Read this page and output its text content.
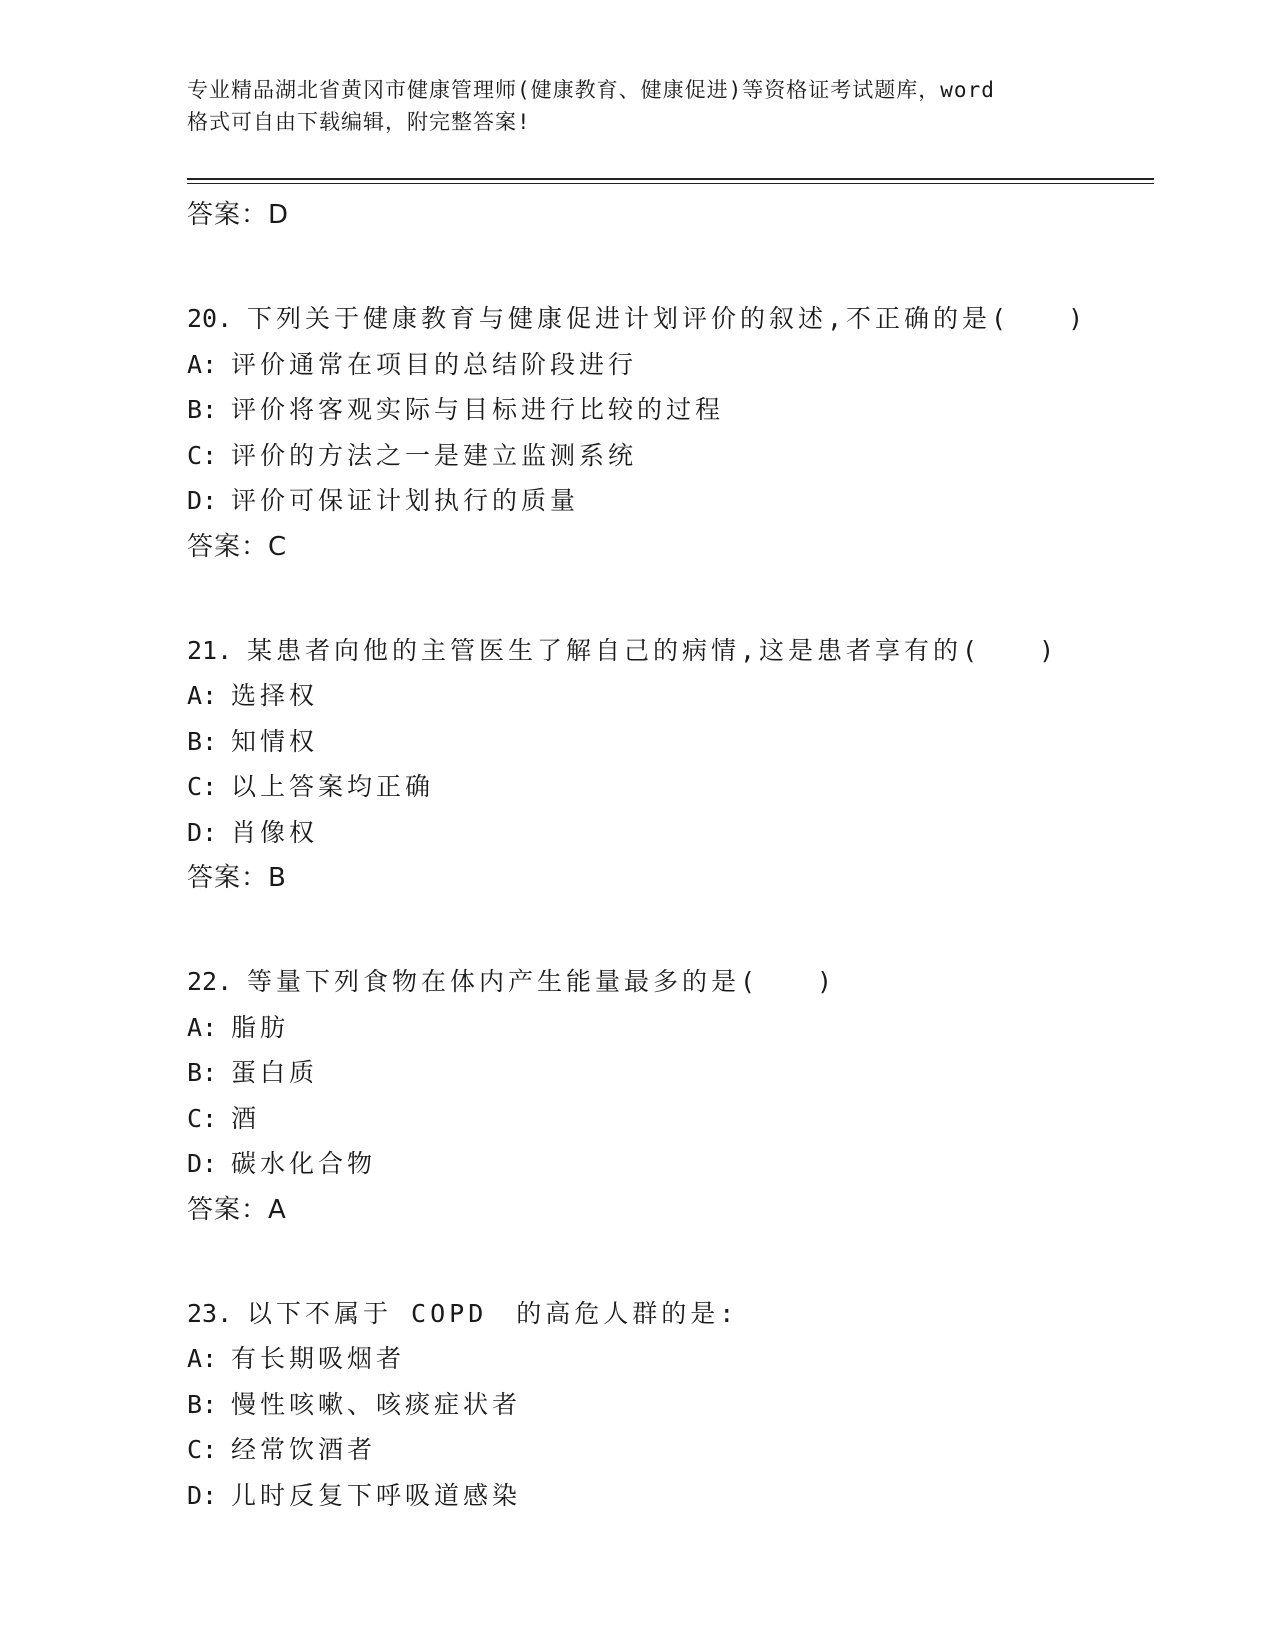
专业精品湖北省黄冈市健康管理师(健康教育、健康促进)等资格证考试题库，word
格式可自由下载编辑，附完整答案!
答案：D
20. 下列关于健康教育与健康促进计划评价的叙述,不正确的是(　　)
A: 评价通常在项目的总结阶段进行
B: 评价将客观实际与目标进行比较的过程
C: 评价的方法之一是建立监测系统
D: 评价可保证计划执行的质量
答案：C
21. 某患者向他的主管医生了解自己的病情,这是患者享有的(　　)
A: 选择权
B: 知情权
C: 以上答案均正确
D: 肖像权
答案：B
22. 等量下列食物在体内产生能量最多的是(　　)
A: 脂肪
B: 蛋白质
C: 酒
D: 碳水化合物
答案：A
23. 以下不属于 COPD　的高危人群的是:
A: 有长期吸烟者
B: 慢性咳嗽、咳痰症状者
C: 经常饮酒者
D: 儿时反复下呼吸道感染
